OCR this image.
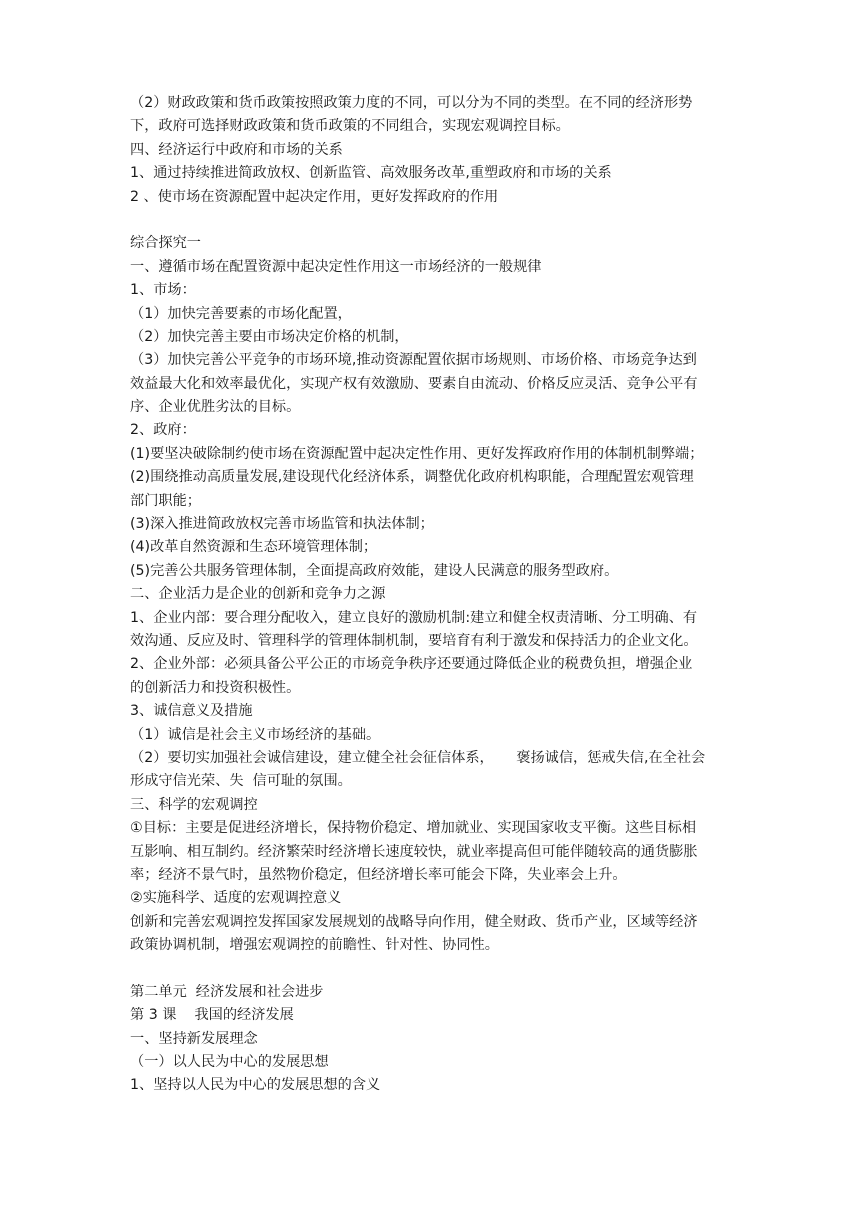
（2）财政政策和货币政策按照政策力度的不同，可以分为不同的类型。在不同的经济形势
下，政府可选择财政政策和货币政策的不同组合，实现宏观调控目标。
四、经济运行中政府和市场的关系
1、通过持续推进简政放权、创新监管、高效服务改革,重塑政府和市场的关系
2 、使市场在资源配置中起决定作用，更好发挥政府的作用
综合探究一
一、遵循市场在配置资源中起决定性作用这一市场经济的一般规律
1、市场：
（1）加快完善要素的市场化配置，
（2）加快完善主要由市场决定价格的机制，
（3）加快完善公平竞争的市场环境,推动资源配置依据市场规则、市场价格、市场竞争达到
效益最大化和效率最优化，实现产权有效激励、要素自由流动、价格反应灵活、竞争公平有
序、企业优胜劣汰的目标。
2、政府：
(1)要坚决破除制约使市场在资源配置中起决定性作用、更好发挥政府作用的体制机制弊端；
(2)围绕推动高质量发展,建设现代化经济体系，调整优化政府机构职能，合理配置宏观管理
部门职能；
(3)深入推进简政放权完善市场监管和执法体制；
(4)改革自然资源和生态环境管理体制；
(5)完善公共服务管理体制，全面提高政府效能，建设人民满意的服务型政府。
二、企业活力是企业的创新和竞争力之源
1、企业内部：要合理分配收入，建立良好的激励机制:建立和健全权责清晰、分工明确、有
效沟通、反应及时、管理科学的管理体制机制，要培育有利于激发和保持活力的企业文化。
2、企业外部：必须具备公平公正的市场竞争秩序还要通过降低企业的税费负担，增强企业
的创新活力和投资积极性。
3、诚信意义及措施
（1）诚信是社会主义市场经济的基础。
（2）要切实加强社会诚信建设，建立健全社会征信体系，     褒扬诚信，惩戒失信,在全社会
形成守信光荣、失  信可耻的氛围。
三、科学的宏观调控
①目标：主要是促进经济增长，保持物价稳定、增加就业、实现国家收支平衡。这些目标相
互影响、相互制约。经济繁荣时经济增长速度较快，就业率提高但可能伴随较高的通货膨胀
率；经济不景气时，虽然物价稳定，但经济增长率可能会下降，失业率会上升。
②实施科学、适度的宏观调控意义
创新和完善宏观调控发挥国家发展规划的战略导向作用，健全财政、货币产业，区域等经济
政策协调机制，增强宏观调控的前瞻性、针对性、协同性。
第二单元  经济发展和社会进步
第 3 课    我国的经济发展
一、坚持新发展理念
（一）以人民为中心的发展思想
1、坚持以人民为中心的发展思想的含义
